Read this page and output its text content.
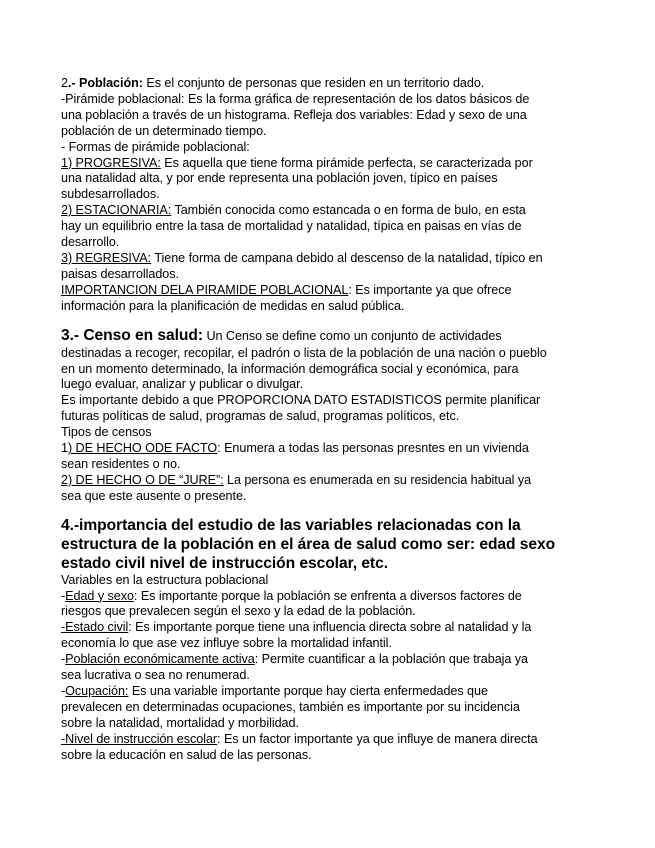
2.- Población: Es el conjunto de personas que residen en un territorio dado.
-Pirámide poblacional: Es la forma gráfica de representación de los datos básicos de
una población a través de un histograma. Refleja dos variables: Edad y sexo de una
población de un determinado tiempo.
- Formas de pirámide poblacional:
1) PROGRESIVA: Es aquella que tiene forma pirámide perfecta, se caracterizada por
una natalidad alta, y por ende representa una población joven, típico en países
subdesarrollados.
2) ESTACIONARIA: También conocida como estancada o en forma de bulo, en esta
hay un equilibrio entre la tasa de mortalidad y natalidad, típica en paisas en vías de
desarrollo.
3) REGRESIVA: Tiene forma de campana debido al descenso de la natalidad, típico en
paisas desarrollados.
IMPORTANCION DELA PIRAMIDE POBLACIONAL: Es importante ya que ofrece
información para la planificación de medidas en salud pública.
3.- Censo en salud: Un Censo se define como un conjunto de actividades
destinadas a recoger, recopilar, el padrón o lista de la población de una nación o pueblo
en un momento determinado, la información demográfica social y económica, para
luego evaluar, analizar y publicar o divulgar.
Es importante debido a que PROPORCIONA DATO ESTADISTICOS permite planificar
futuras políticas de salud, programas de salud, programas políticos, etc.
Tipos de censos
1) DE HECHO ODE FACTO: Enumera a todas las personas presntes en un vivienda
sean residentes o no.
2) DE HECHO O DE “JURE”: La persona es enumerada en su residencia habitual ya
sea que este ausente o presente.
4.-importancia del estudio de las variables relacionadas con la
estructura de la población en el área de salud como ser: edad sexo
estado civil nivel de instrucción escolar, etc.
Variables en la estructura poblacional
-Edad y sexo: Es importante porque la población se enfrenta a diversos factores de
riesgos que prevalecen según el sexo y la edad de la población.
-Estado civil: Es importante porque tiene una influencia directa sobre al natalidad y la
economía lo que ase vez influye sobre la mortalidad infantil.
-Población económicamente activa: Permite cuantificar a la población que trabaja ya
sea lucrativa o sea no renumerad.
-Ocupación: Es una variable importante porque hay cierta enfermedades que
prevalecen en determinadas ocupaciones, también es importante por su incidencia
sobre la natalidad, mortalidad y morbilidad.
-Nivel de instrucción escolar: Es un factor importante ya que influye de manera directa
sobre la educación en salud de las personas.
